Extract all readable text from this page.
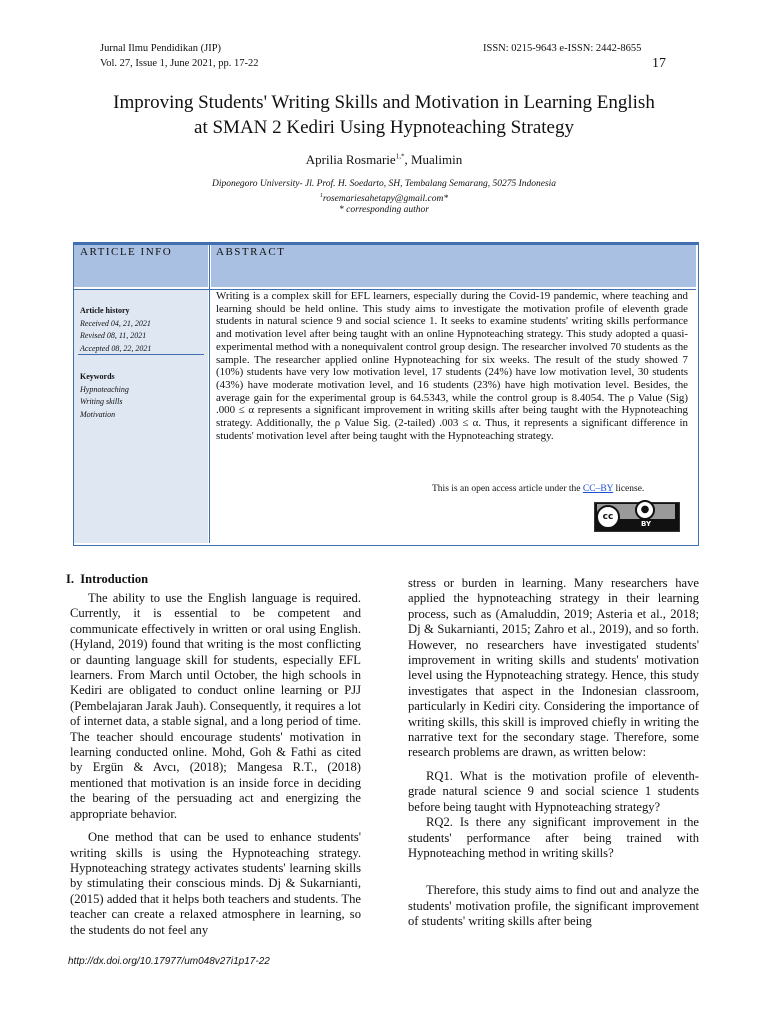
Jurnal Ilmu Pendidikan (JIP)
Vol. 27, Issue 1, June 2021, pp. 17-22
ISSN: 0215-9643 e-ISSN: 2442-8655
17
Improving Students' Writing Skills and Motivation in Learning English
at SMAN 2 Kediri Using Hypnoteaching Strategy
Aprilia Rosmarie$^{1,*}$, Mualimin
Diponegoro University- Jl. Prof. H. Soedarto, SH, Tembalang Semarang, 50275 Indonesia
$^1$rosemariesahetapy@gmail.com*
* corresponding author
ARTICLE INFO	ABSTRACT
Article history
Received 04, 21, 2021
Revised 08, 11, 2021
Accepted 08, 22, 2021
Keywords
Hypnoteaching
Writing skills
Motivation
Writing is a complex skill for EFL learners, especially during the Covid-19 pandemic, where teaching and learning should be held online. This study aims to investigate the motivation profile of eleventh grade students in natural science 9 and social science 1. It seeks to examine students' writing skills performance and motivation level after being taught with an online Hypnoteaching strategy. This study adopted a quasi-experimental method with a nonequivalent control group design. The researcher involved 70 students as the sample. The researcher applied online Hypnoteaching for six weeks. The result of the study showed 7 (10%) students have very low motivation level, 17 students (24%) have low motivation level, 30 students (43%) have moderate motivation level, and 16 students (23%) have high motivation level. Besides, the average gain for the experimental group is 64.5343, while the control group is 8.4054. The ρ Value (Sig) .000 ≤ α represents a significant improvement in writing skills after being taught with the Hypnoteaching strategy. Additionally, the ρ Value Sig. (2-tailed) .003 ≤ α. Thus, it represents a significant difference in students' motivation level after being taught with the Hypnoteaching strategy.
This is an open access article under the CC–BY license.
cc
●
BY
I. Introduction

The ability to use the English language is required. Currently, it is essential to be competent and communicate effectively in written or oral using English. (Hyland, 2019) found that writing is the most conflicting or daunting language skill for students, especially EFL learners. From March until October, the high schools in Kediri are obligated to conduct online learning or PJJ (Pembelajaran Jarak Jauh). Consequently, it requires a lot of internet data, a stable signal, and a long period of time. The teacher should encourage students' motivation in learning conducted online. Mohd, Goh & Fathi as cited by Ergün & Avcı, (2018); Mangesa R.T., (2018) mentioned that motivation is an inside force in deciding the bearing of the persuading act and energizing the appropriate behavior.

One method that can be used to enhance students' writing skills is using the Hypnoteaching strategy. Hypnoteaching strategy activates students' learning skills by stimulating their conscious minds. Dj & Sukarnianti, (2015) added that it helps both teachers and students. The teacher can create a relaxed atmosphere in learning, so the students do not feel any

stress or burden in learning. Many researchers have applied the hypnoteaching strategy in their learning process, such as (Amaluddin, 2019; Asteria et al., 2018; Dj & Sukarnianti, 2015; Zahro et al., 2019), and so forth. However, no researchers have investigated students' improvement in writing skills and students' motivation level using the Hypnoteaching strategy. Hence, this study investigates that aspect in the Indonesian classroom, particularly in Kediri city. Considering the importance of writing skills, this skill is improved chiefly in writing the narrative text for the secondary stage. Therefore, some research problems are drawn, as written below:

RQ1. What is the motivation profile of eleventh-grade natural science 9 and social science 1 students before being taught with Hypnoteaching strategy?

RQ2. Is there any significant improvement in the students' performance after being trained with Hypnoteaching method in writing skills?

Therefore, this study aims to find out and analyze the students' motivation profile, the significant improvement of students' writing skills after being

http://dx.doi.org/10.17977/um048v27i1p17-22
